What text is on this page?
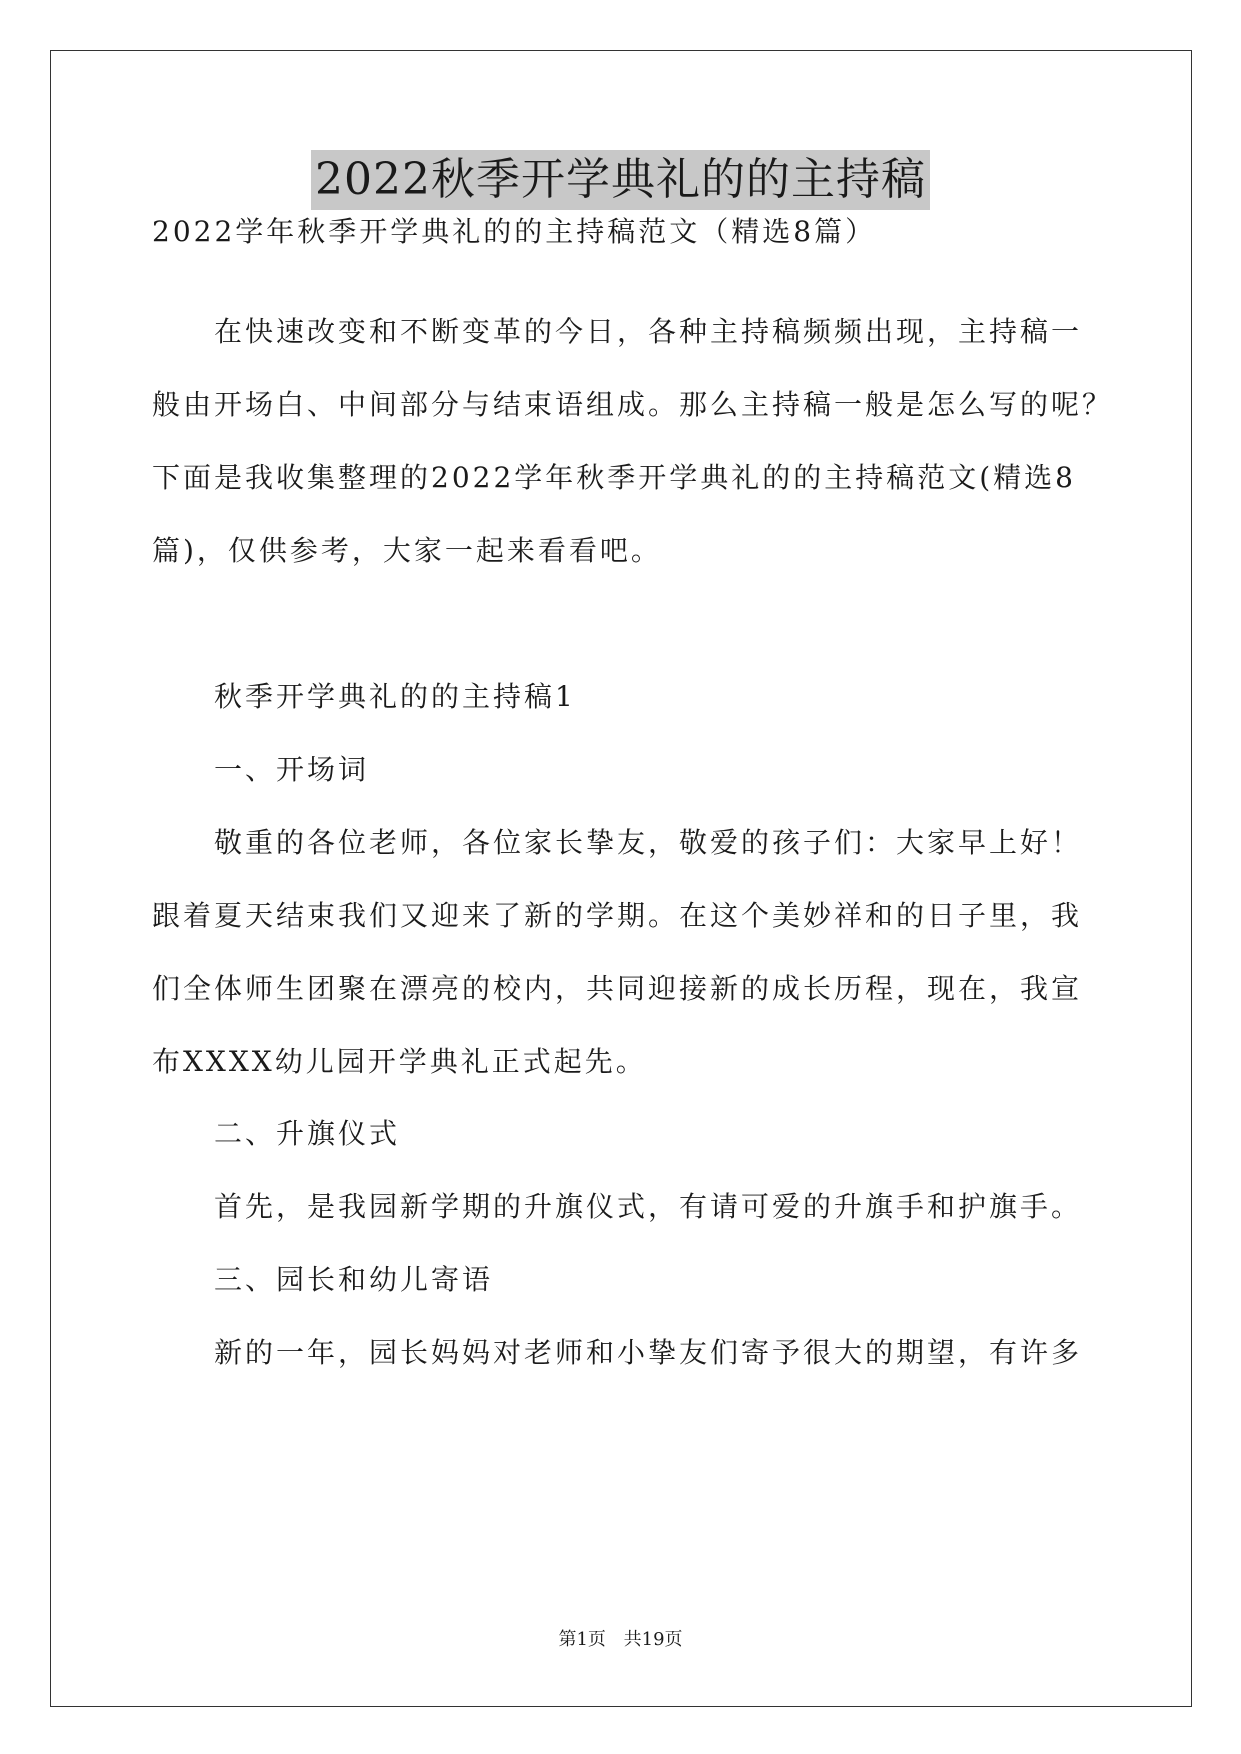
2022秋季开学典礼的的主持稿
2022学年秋季开学典礼的的主持稿范文（精选8篇）
在快速改变和不断变革的今日，各种主持稿频频出现，主持稿一
般由开场白、中间部分与结束语组成。那么主持稿一般是怎么写的呢？
下面是我收集整理的2022学年秋季开学典礼的的主持稿范文(精选8
篇)，仅供参考，大家一起来看看吧。
秋季开学典礼的的主持稿1
一、开场词
敬重的各位老师，各位家长挚友，敬爱的孩子们：大家早上好！
跟着夏天结束我们又迎来了新的学期。在这个美妙祥和的日子里，我
们全体师生团聚在漂亮的校内，共同迎接新的成长历程，现在，我宣
布XXXX幼儿园开学典礼正式起先。
二、升旗仪式
首先，是我园新学期的升旗仪式，有请可爱的升旗手和护旗手。
三、园长和幼儿寄语
新的一年，园长妈妈对老师和小挚友们寄予很大的期望，有许多
第1页 共19页
